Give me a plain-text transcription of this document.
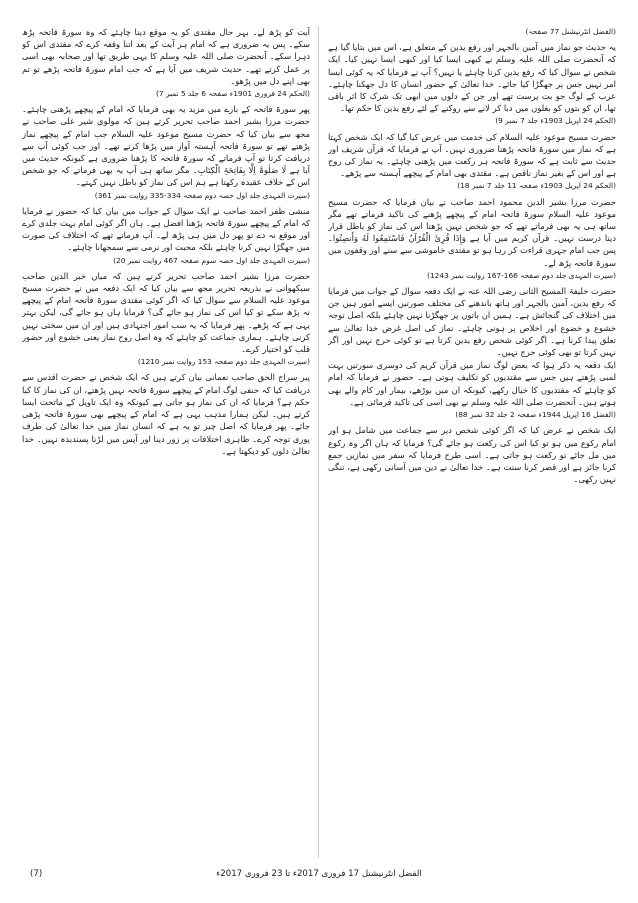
(الفضل انٹرنیشنل 77 صفحہ)

یہ حدیث جو نماز میں آمین بالجہر اور رفع یدین کے متعلق ہے، اس میں بتایا گیا ہے کہ آنحضرت صلی اللہ علیہ وسلم نے کبھی ایسا کیا اور کبھی ایسا نہیں کیا۔ ایک شخص نے سوال کیا کہ رفع یدین کرنا چاہئے یا نہیں؟ آپ نے فرمایا کہ یہ کوئی ایسا امر نہیں جس پر جھگڑا کیا جائے۔ خدا تعالیٰ کے حضور انسان کا دل جھکنا چاہئے۔ عرب کے لوگ جو بت پرست تھے اور جن کے دلوں میں ابھی تک شرک کا اثر باقی تھا، ان کو بتوں کو بغلوں میں دبا کر لانے سے روکنے کے لئے رفع یدین کا حکم تھا۔

(الحکم 24 اپریل 1903ء جلد 7 نمبر 9)

حضرت مسیح موعود علیہ السلام کی خدمت میں عرض کیا گیا کہ ایک شخص کہتا ہے کہ نماز میں سورۃ فاتحہ پڑھنا ضروری نہیں۔ آپ نے فرمایا کہ قرآن شریف اور حدیث سے ثابت ہے کہ سورۃ فاتحہ ہر رکعت میں پڑھنی چاہئے۔ یہ نماز کی روح ہے اور اس کے بغیر نماز ناقص ہے۔ مقتدی بھی امام کے پیچھے آہستہ سے پڑھے۔

(الحکم 24 اپریل 1903ء صفحہ 11 جلد 7 نمبر 18)

حضرت مرزا بشیر الدین محمود احمد صاحب نے بیان فرمایا کہ حضرت مسیح موعود علیہ السلام سورۃ فاتحہ امام کے پیچھے پڑھنے کی تاکید فرماتے تھے مگر ساتھ ہی یہ بھی فرماتے تھے کہ جو شخص نہیں پڑھتا اس کی نماز کو باطل قرار دینا درست نہیں۔ قرآن کریم میں آیا ہے وَإِذَا قُرِئَ الْقُرْآنُ فَاسْتَمِعُوا لَهُ وَأَنصِتُوا۔ پس جب امام جہری قراءت کر رہا ہو تو مقتدی خاموشی سے سنے اور وقفوں میں سورۃ فاتحہ پڑھ لے۔

(سیرت المہدی جلد دوم صفحہ 166-167 روایت نمبر 1243)

حضرت خلیفۃ المسیح الثانی رضی اللہ عنہ نے ایک دفعہ سوال کے جواب میں فرمایا کہ رفع یدین، آمین بالجہر اور ہاتھ باندھنے کی مختلف صورتیں ایسے امور ہیں جن میں اختلاف کی گنجائش ہے۔ ہمیں ان باتوں پر جھگڑنا نہیں چاہئے بلکہ اصل توجہ خشوع و خضوع اور اخلاص پر ہونی چاہئے۔ نماز کی اصل غرض خدا تعالیٰ سے تعلق پیدا کرنا ہے۔ اگر کوئی شخص رفع یدین کرتا ہے تو کوئی حرج نہیں اور اگر نہیں کرتا تو بھی کوئی حرج نہیں۔

ایک دفعہ یہ ذکر ہوا کہ بعض لوگ نماز میں قرآن کریم کی دوسری سورتیں بہت لمبی پڑھتے ہیں جس سے مقتدیوں کو تکلیف ہوتی ہے۔ حضور نے فرمایا کہ امام کو چاہئے کہ مقتدیوں کا خیال رکھے، کیونکہ ان میں بوڑھے، بیمار اور کام والے بھی ہوتے ہیں۔ آنحضرت صلی اللہ علیہ وسلم نے بھی اسی کی تاکید فرمائی ہے۔

(الفضل 16 اپریل 1944ء صفحہ 2 جلد 32 نمبر 88)

ایک شخص نے عرض کیا کہ اگر کوئی شخص دیر سے جماعت میں شامل ہو اور امام رکوع میں ہو تو کیا اس کی رکعت ہو جائے گی؟ فرمایا کہ ہاں اگر وہ رکوع میں مل جائے تو رکعت ہو جاتی ہے۔ اسی طرح فرمایا کہ سفر میں نمازیں جمع کرنا جائز ہے اور قصر کرنا سنت ہے۔ خدا تعالیٰ نے دین میں آسانی رکھی ہے، تنگی نہیں رکھی۔

آیت کو پڑھ لے۔ بہر حال مقتدی کو یہ موقع دینا چاہئے کہ وہ سورۃ فاتحہ پڑھ سکے۔ پس یہ ضروری ہے کہ امام ہر آیت کے بعد اتنا وقفہ کرے کہ مقتدی اس کو دہرا سکے۔ آنحضرت صلی اللہ علیہ وسلم کا یہی طریق تھا اور صحابہ بھی اسی پر عمل کرتے تھے۔ حدیث شریف میں آیا ہے کہ جب امام سورۃ فاتحہ پڑھے تو تم بھی اپنے دل میں پڑھو۔

(الحکم 24 فروری 1901ء صفحہ 6 جلد 5 نمبر 7)

پھر سورۃ فاتحہ کے بارے میں مزید یہ بھی فرمایا کہ امام کے پیچھے پڑھنی چاہئے۔ حضرت مرزا بشیر احمد صاحب تحریر کرتے ہیں کہ مولوی شیر علی صاحب نے مجھ سے بیان کیا کہ حضرت مسیح موعود علیہ السلام جب امام کے پیچھے نماز پڑھتے تھے تو سورۃ فاتحہ آہستہ آواز میں پڑھا کرتے تھے۔ اور جب کوئی آپ سے دریافت کرتا تو آپ فرماتے کہ سورۃ فاتحہ کا پڑھنا ضروری ہے کیونکہ حدیث میں آیا ہے لَا صَلٰوۃَ اِلَّا بِفَاتِحَۃِ الْکِتَابِ۔ مگر ساتھ ہی آپ یہ بھی فرماتے کہ جو شخص اس کے خلاف عقیدہ رکھتا ہے ہم اس کی نماز کو باطل نہیں کہتے۔

(سیرت المہدی جلد اول حصہ دوم صفحہ 334-335 روایت نمبر 361)

منشی ظفر احمد صاحب نے ایک سوال کے جواب میں بیان کیا کہ حضور نے فرمایا کہ امام کے پیچھے سورۃ فاتحہ پڑھنا افضل ہے۔ ہاں اگر کوئی امام بہت جلدی کرے اور موقع نہ دے تو پھر دل میں ہی پڑھ لے۔ آپ فرماتے تھے کہ اختلاف کی صورت میں جھگڑا نہیں کرنا چاہئے بلکہ محبت اور نرمی سے سمجھانا چاہئے۔

(سیرت المہدی جلد اول حصہ سوم صفحہ 467 روایت نمبر 20)

حضرت مرزا بشیر احمد صاحب تحریر کرتے ہیں کہ میاں خیر الدین صاحب سیکھوانی نے بذریعہ تحریر مجھ سے بیان کیا کہ ایک دفعہ میں نے حضرت مسیح موعود علیہ السلام سے سوال کیا کہ اگر کوئی مقتدی سورۃ فاتحہ امام کے پیچھے نہ پڑھ سکے تو کیا اس کی نماز ہو جائے گی؟ فرمایا ہاں ہو جائے گی، لیکن بہتر یہی ہے کہ پڑھے۔ پھر فرمایا کہ یہ سب امور اجتہادی ہیں اور ان میں سختی نہیں کرنی چاہئے۔ ہماری جماعت کو چاہئے کہ وہ اصل روح نماز یعنی خشوع اور حضور قلب کو اختیار کرے۔

(سیرت المہدی جلد دوم صفحہ 153 روایت نمبر 1210)

پیر سراج الحق صاحب نعمانی بیان کرتے ہیں کہ ایک شخص نے حضرت اقدس سے دریافت کیا کہ حنفی لوگ امام کے پیچھے سورۃ فاتحہ نہیں پڑھتے، ان کی نماز کا کیا حکم ہے؟ فرمایا کہ ان کی نماز ہو جاتی ہے کیونکہ وہ ایک تاویل کے ماتحت ایسا کرتے ہیں۔ لیکن ہمارا مذہب یہی ہے کہ امام کے پیچھے بھی سورۃ فاتحہ پڑھی جائے۔ پھر فرمایا کہ اصل چیز تو یہ ہے کہ انسان نماز میں خدا تعالیٰ کی طرف پوری توجہ کرے۔ ظاہری اختلافات پر زور دینا اور آپس میں لڑنا پسندیدہ نہیں۔ خدا تعالیٰ دلوں کو دیکھتا ہے۔

(7)	الفضل انٹرنیشنل 17 فروری 2017ء تا 23 فروری 2017ء
